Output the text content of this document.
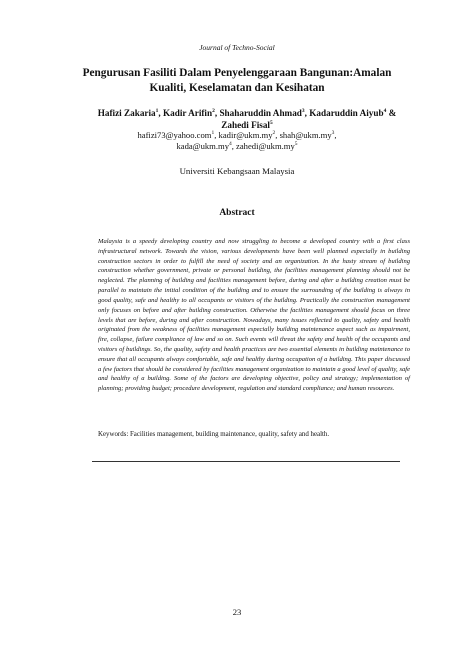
Journal of Techno-Social
Pengurusan Fasiliti Dalam Penyelenggaraan Bangunan:Amalan Kualiti, Keselamatan dan Kesihatan
Hafizi Zakaria$^1$, Kadir Arifin$^2$, Shaharuddin Ahmad$^3$, Kadaruddin Aiyub$^4$ & Zahedi Fisal$^5$
hafizi73@yahoo.com$^1$, $kadir@ukm.my^2$, $shah@ukm.my^3$, $kada@ukm.my^4$, $zahedi@ukm.my^5$
Universiti Kebangsaan Malaysia
Abstract

Malaysia is a speedy developing country and now struggling to become a developed country with a first class infrastructural network. Towards the vision, various developments have been well planned especially in building construction sectors in order to fulfill the need of society and an organization. In the hasty stream of building construction whether government, private or personal building, the facilities management planning should not be neglected. The planning of building and facilities management before, during and after a building creation must be parallel to maintain the initial condition of the building and to ensure the surrounding of the building is always in good quality, safe and healthy to all occupants or visitors of the building. Practically the construction management only focuses on before and after building construction. Otherwise the facilities management should focus on three levels that are before, during and after construction. Nowadays, many issues reflected to quality, safety and health originated from the weakness of facilities management especially building maintenance aspect such as impairment, fire, collapse, failure compliance of law and so on. Such events will threat the safety and health of the occupants and visitors of buildings. So, the quality, safety and health practices are two essential elements in building maintenance to ensure that all occupants always comfortable, safe and healthy during occupation of a building. This paper discussed a few factors that should be considered by facilities management organization to maintain a good level of quality, safe and healthy of a building. Some of the factors are developing objective, policy and strategy; implementation of planning; providing budget; procedure development, regulation and standard compliance; and human resources.

Keywords: Facilities management, building maintenance, quality, safety and health.
23
